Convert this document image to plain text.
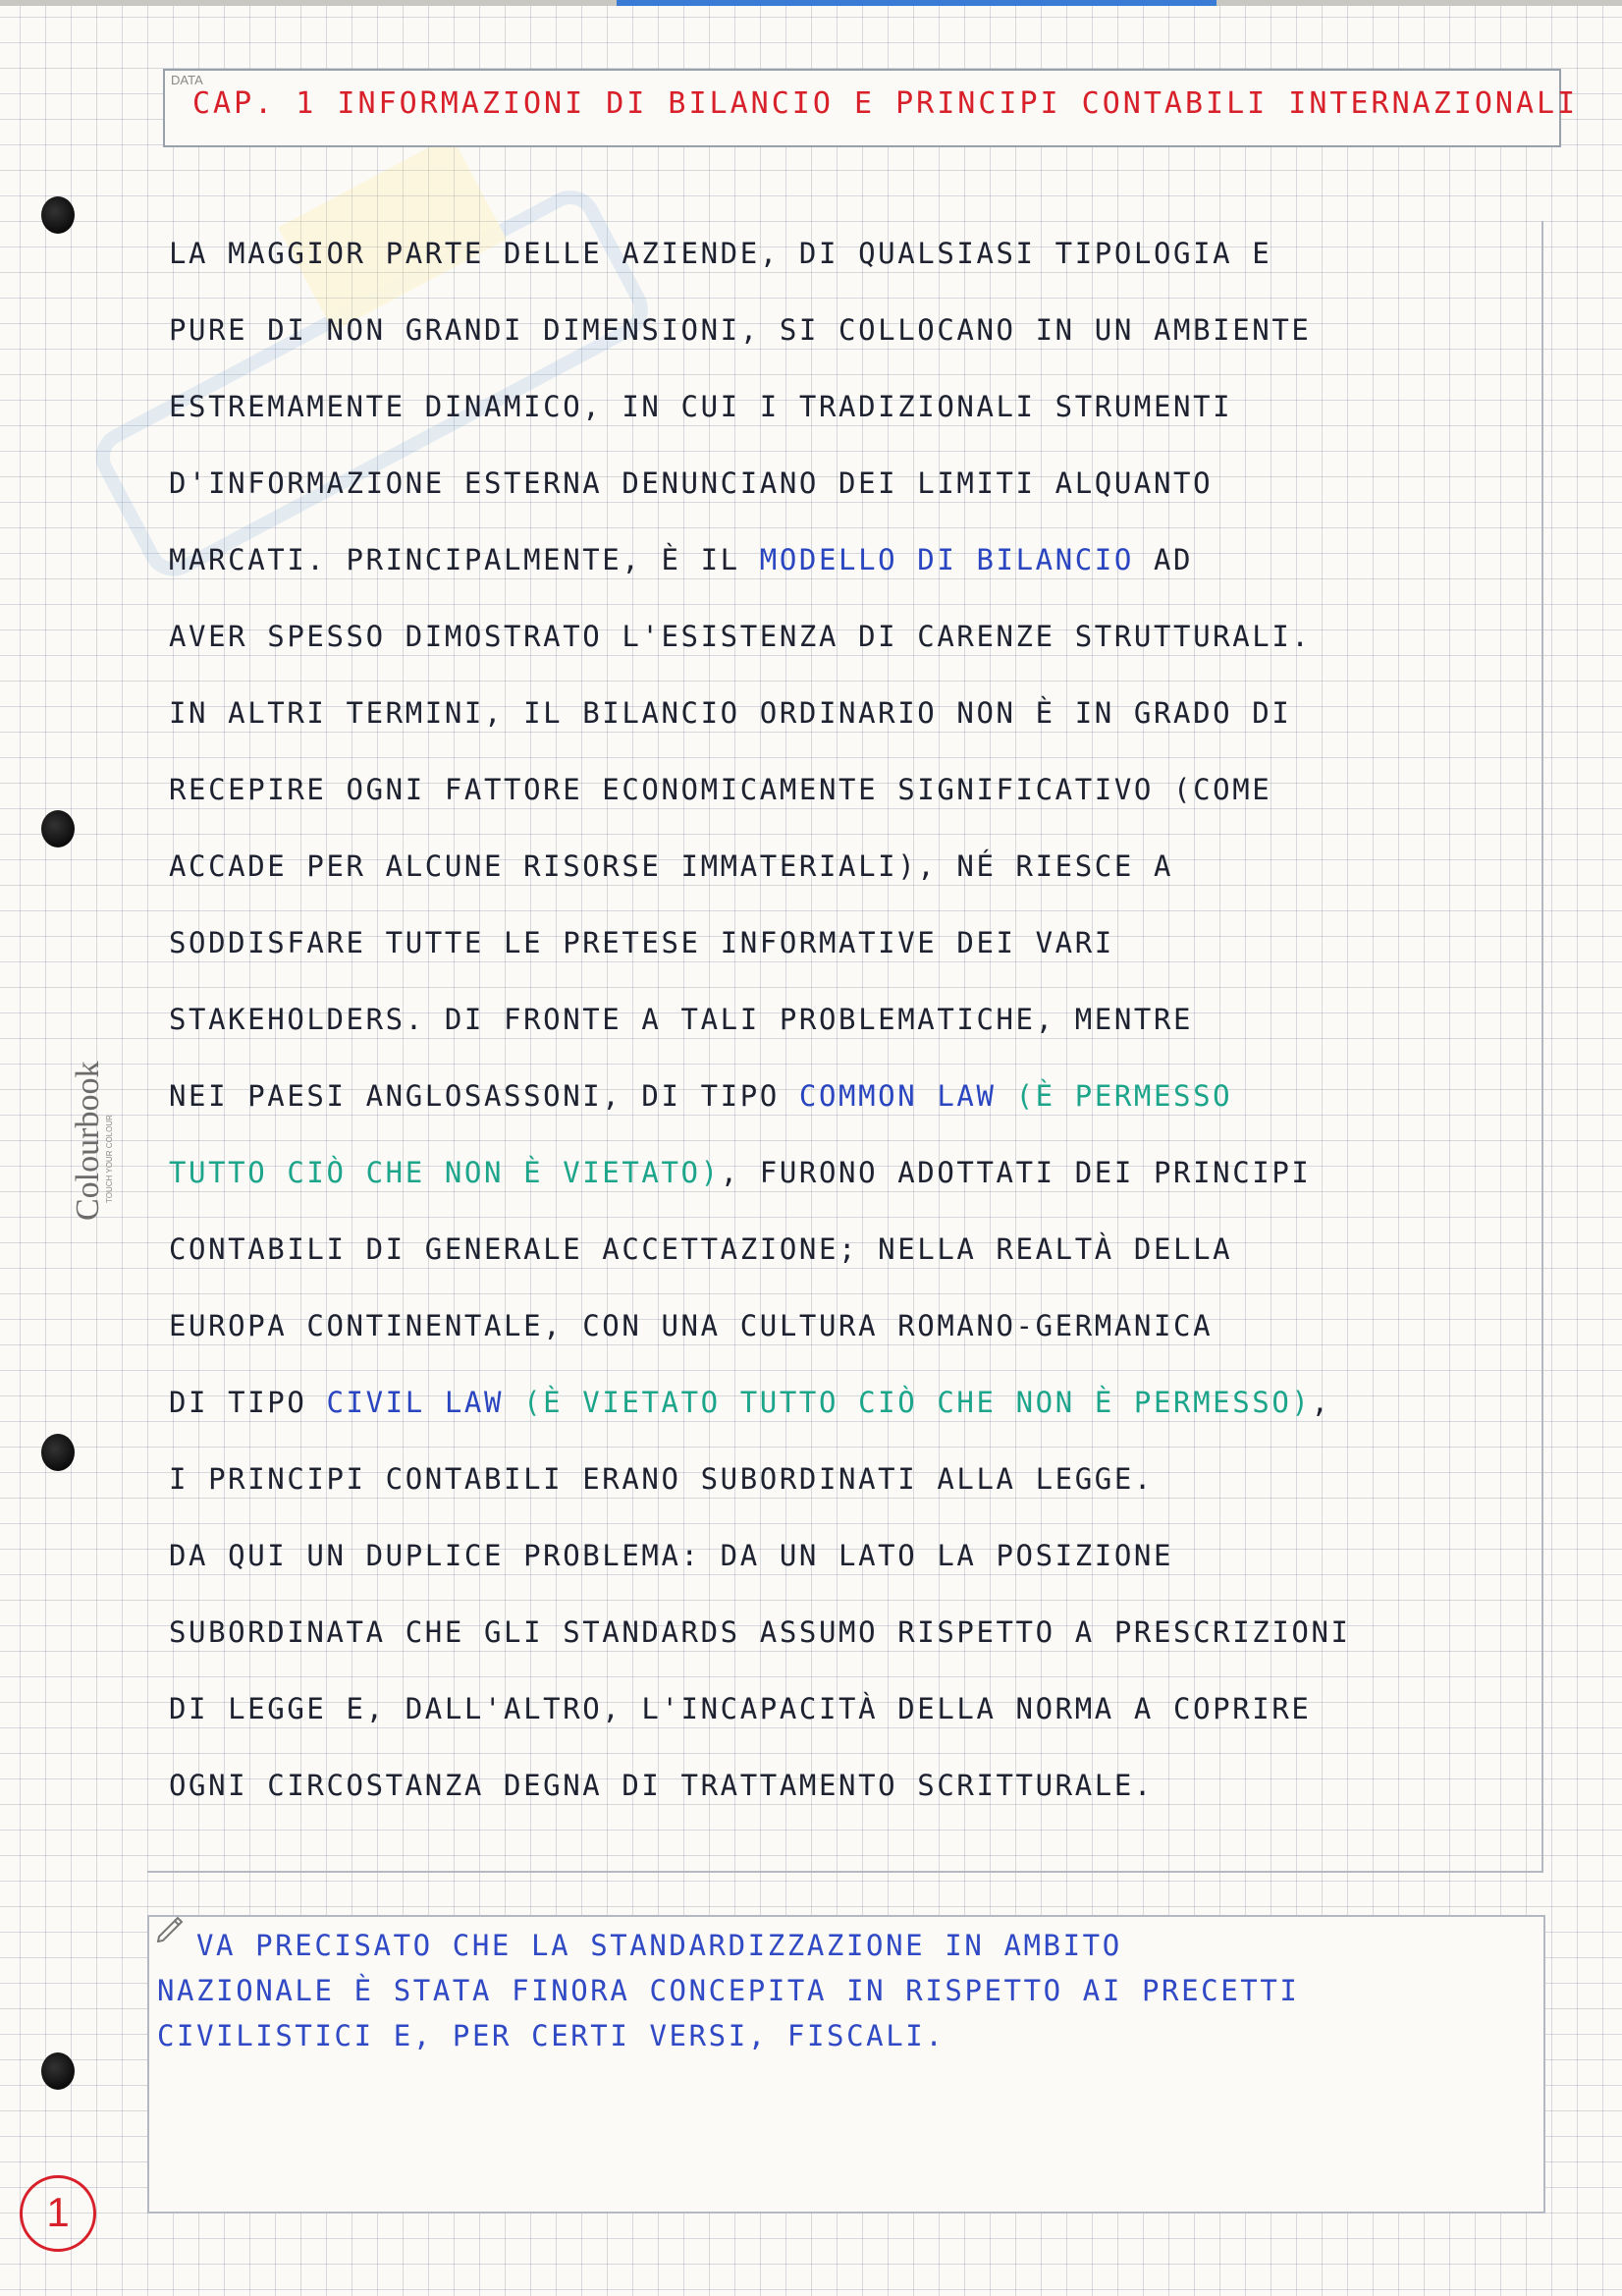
Colourbook TOUCH YOUR COLOUR
DATA
CAP. 1 INFORMAZIONI DI BILANCIO E PRINCIPI CONTABILI INTERNAZIONALI
LA MAGGIOR PARTE DELLE AZIENDE, DI QUALSIASI TIPOLOGIA E
PURE DI NON GRANDI DIMENSIONI, SI COLLOCANO IN UN AMBIENTE
ESTREMAMENTE DINAMICO, IN CUI I TRADIZIONALI STRUMENTI
D'INFORMAZIONE ESTERNA DENUNCIANO DEI LIMITI ALQUANTO
MARCATI. PRINCIPALMENTE, È IL MODELLO DI BILANCIO AD
AVER SPESSO DIMOSTRATO L'ESISTENZA DI CARENZE STRUTTURALI.
IN ALTRI TERMINI, IL BILANCIO ORDINARIO NON È IN GRADO DI
RECEPIRE OGNI FATTORE ECONOMICAMENTE SIGNIFICATIVO (COME
ACCADE PER ALCUNE RISORSE IMMATERIALI), NÉ RIESCE A
SODDISFARE TUTTE LE PRETESE INFORMATIVE DEI VARI
STAKEHOLDERS. DI FRONTE A TALI PROBLEMATICHE, MENTRE
NEI PAESI ANGLOSASSONI, DI TIPO COMMON LAW (È PERMESSO
TUTTO CIÒ CHE NON È VIETATO), FURONO ADOTTATI DEI PRINCIPI
CONTABILI DI GENERALE ACCETTAZIONE; NELLA REALTÀ DELLA
EUROPA CONTINENTALE, CON UNA CULTURA ROMANO-GERMANICA
DI TIPO CIVIL LAW (È VIETATO TUTTO CIÒ CHE NON È PERMESSO),
I PRINCIPI CONTABILI ERANO SUBORDINATI ALLA LEGGE.
DA QUI UN DUPLICE PROBLEMA: DA UN LATO LA POSIZIONE
SUBORDINATA CHE GLI STANDARDS ASSUMO RISPETTO A PRESCRIZIONI
DI LEGGE E, DALL'ALTRO, L'INCAPACITÀ DELLA NORMA A COPRIRE
OGNI CIRCOSTANZA DEGNA DI TRATTAMENTO SCRITTURALE.
VA PRECISATO CHE LA STANDARDIZZAZIONE IN AMBITO
NAZIONALE È STATA FINORA CONCEPITA IN RISPETTO AI PRECETTI
CIVILISTICI E, PER CERTI VERSI, FISCALI.
1
